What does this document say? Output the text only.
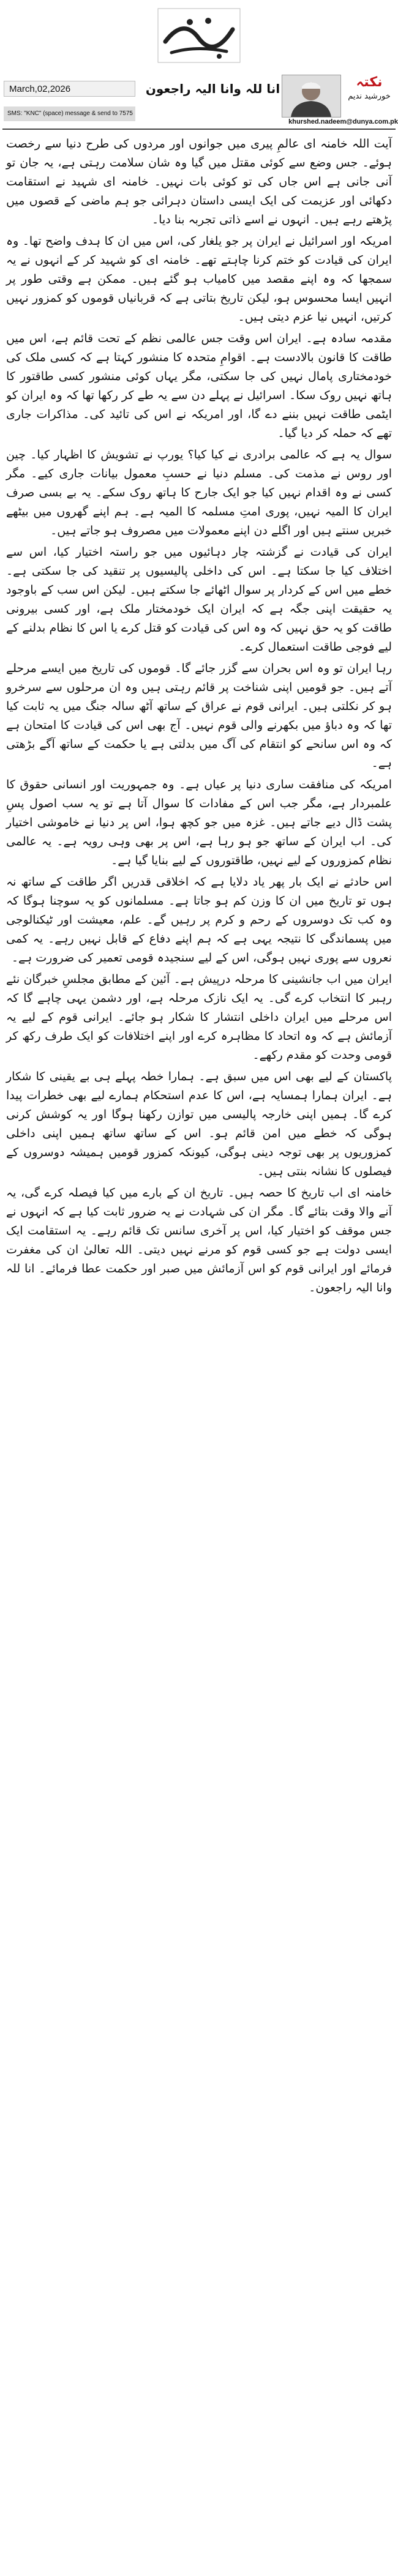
March,02,2026	انا للہ وانا الیہ راجعون
SMS: "KNC" (space) message & send to 7575
نکتہ
خورشید ندیم
khurshed.nadeem@dunya.com.pk

آیت اللہ خامنہ ای عالمِ پیری میں جوانوں اور مردوں کی طرح دنیا سے رخصت ہوئے۔ جس وضع سے کوئی مقتل میں گیا وہ شان سلامت رہتی ہے، یہ جان تو آنی جانی ہے اس جاں کی تو کوئی بات نہیں۔ خامنہ ای شہید نے استقامت دکھائی اور عزیمت کی ایک ایسی داستان دہرائی جو ہم ماضی کے قصوں میں پڑھتے رہے ہیں۔ انہوں نے اسے ذاتی تجربہ بنا دیا۔

امریکہ اور اسرائیل نے ایران پر جو یلغار کی، اس میں ان کا ہدف واضح تھا۔ وہ ایران کی قیادت کو ختم کرنا چاہتے تھے۔ خامنہ ای کو شہید کر کے انہوں نے یہ سمجھا کہ وہ اپنے مقصد میں کامیاب ہو گئے ہیں۔ ممکن ہے وقتی طور پر انہیں ایسا محسوس ہو، لیکن تاریخ بتاتی ہے کہ قربانیاں قوموں کو کمزور نہیں کرتیں، انہیں نیا عزم دیتی ہیں۔

مقدمہ سادہ ہے۔ ایران اس وقت جس عالمی نظم کے تحت قائم ہے، اس میں طاقت کا قانون بالادست ہے۔ اقوامِ متحدہ کا منشور کہتا ہے کہ کسی ملک کی خودمختاری پامال نہیں کی جا سکتی، مگر یہاں کوئی منشور کسی طاقتور کا ہاتھ نہیں روک سکا۔ اسرائیل نے پہلے دن سے یہ طے کر رکھا تھا کہ وہ ایران کو ایٹمی طاقت نہیں بننے دے گا، اور امریکہ نے اس کی تائید کی۔ مذاکرات جاری تھے کہ حملہ کر دیا گیا۔

سوال یہ ہے کہ عالمی برادری نے کیا کیا؟ یورپ نے تشویش کا اظہار کیا۔ چین اور روس نے مذمت کی۔ مسلم دنیا نے حسبِ معمول بیانات جاری کیے۔ مگر کسی نے وہ اقدام نہیں کیا جو ایک جارح کا ہاتھ روک سکے۔ یہ بے بسی صرف ایران کا المیہ نہیں، پوری امتِ مسلمہ کا المیہ ہے۔ ہم اپنے گھروں میں بیٹھے خبریں سنتے ہیں اور اگلے دن اپنے معمولات میں مصروف ہو جاتے ہیں۔

ایران کی قیادت نے گزشتہ چار دہائیوں میں جو راستہ اختیار کیا، اس سے اختلاف کیا جا سکتا ہے۔ اس کی داخلی پالیسیوں پر تنقید کی جا سکتی ہے۔ خطے میں اس کے کردار پر سوال اٹھائے جا سکتے ہیں۔ لیکن اس سب کے باوجود یہ حقیقت اپنی جگہ ہے کہ ایران ایک خودمختار ملک ہے، اور کسی بیرونی طاقت کو یہ حق نہیں کہ وہ اس کی قیادت کو قتل کرے یا اس کا نظام بدلنے کے لیے فوجی طاقت استعمال کرے۔

رہا ایران تو وہ اس بحران سے گزر جائے گا۔ قوموں کی تاریخ میں ایسے مرحلے آتے ہیں۔ جو قومیں اپنی شناخت پر قائم رہتی ہیں وہ ان مرحلوں سے سرخرو ہو کر نکلتی ہیں۔ ایرانی قوم نے عراق کے ساتھ آٹھ سالہ جنگ میں یہ ثابت کیا تھا کہ وہ دباؤ میں بکھرنے والی قوم نہیں۔ آج بھی اس کی قیادت کا امتحان ہے کہ وہ اس سانحے کو انتقام کی آگ میں بدلتی ہے یا حکمت کے ساتھ آگے بڑھتی ہے۔

امریکہ کی منافقت ساری دنیا پر عیاں ہے۔ وہ جمہوریت اور انسانی حقوق کا علمبردار ہے، مگر جب اس کے مفادات کا سوال آتا ہے تو یہ سب اصول پسِ پشت ڈال دیے جاتے ہیں۔ غزہ میں جو کچھ ہوا، اس پر دنیا نے خاموشی اختیار کی۔ اب ایران کے ساتھ جو ہو رہا ہے، اس پر بھی وہی رویہ ہے۔ یہ عالمی نظام کمزوروں کے لیے نہیں، طاقتوروں کے لیے بنایا گیا ہے۔

اس حادثے نے ایک بار پھر یاد دلایا ہے کہ اخلاقی قدریں اگر طاقت کے ساتھ نہ ہوں تو تاریخ میں ان کا وزن کم ہو جاتا ہے۔ مسلمانوں کو یہ سوچنا ہوگا کہ وہ کب تک دوسروں کے رحم و کرم پر رہیں گے۔ علم، معیشت اور ٹیکنالوجی میں پسماندگی کا نتیجہ یہی ہے کہ ہم اپنے دفاع کے قابل نہیں رہے۔ یہ کمی نعروں سے پوری نہیں ہوگی، اس کے لیے سنجیدہ قومی تعمیر کی ضرورت ہے۔

ایران میں اب جانشینی کا مرحلہ درپیش ہے۔ آئین کے مطابق مجلسِ خبرگان نئے رہبر کا انتخاب کرے گی۔ یہ ایک نازک مرحلہ ہے، اور دشمن یہی چاہے گا کہ اس مرحلے میں ایران داخلی انتشار کا شکار ہو جائے۔ ایرانی قوم کے لیے یہ آزمائش ہے کہ وہ اتحاد کا مظاہرہ کرے اور اپنے اختلافات کو ایک طرف رکھ کر قومی وحدت کو مقدم رکھے۔

پاکستان کے لیے بھی اس میں سبق ہے۔ ہمارا خطہ پہلے ہی بے یقینی کا شکار ہے۔ ایران ہمارا ہمسایہ ہے، اس کا عدم استحکام ہمارے لیے بھی خطرات پیدا کرے گا۔ ہمیں اپنی خارجہ پالیسی میں توازن رکھنا ہوگا اور یہ کوشش کرنی ہوگی کہ خطے میں امن قائم ہو۔ اس کے ساتھ ساتھ ہمیں اپنی داخلی کمزوریوں پر بھی توجہ دینی ہوگی، کیونکہ کمزور قومیں ہمیشہ دوسروں کے فیصلوں کا نشانہ بنتی ہیں۔

خامنہ ای اب تاریخ کا حصہ ہیں۔ تاریخ ان کے بارے میں کیا فیصلہ کرے گی، یہ آنے والا وقت بتائے گا۔ مگر ان کی شہادت نے یہ ضرور ثابت کیا ہے کہ انہوں نے جس موقف کو اختیار کیا، اس پر آخری سانس تک قائم رہے۔ یہ استقامت ایک ایسی دولت ہے جو کسی قوم کو مرنے نہیں دیتی۔ اللہ تعالیٰ ان کی مغفرت فرمائے اور ایرانی قوم کو اس آزمائش میں صبر اور حکمت عطا فرمائے۔ انا للہ وانا الیہ راجعون۔
